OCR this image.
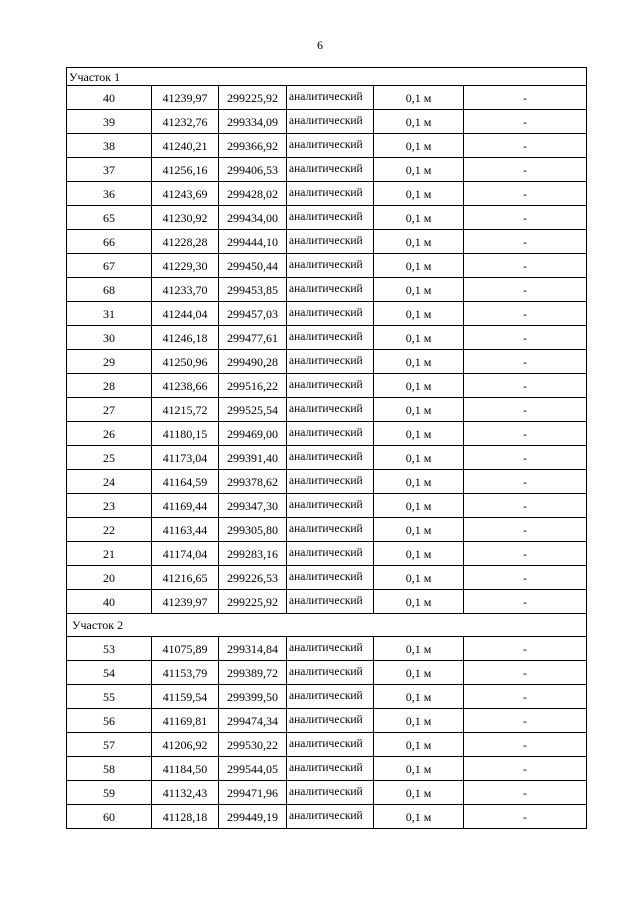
6
Участок 1					
40	41239,97	299225,92	аналитический	0,1 м	-
39	41232,76	299334,09	аналитический	0,1 м	-
38	41240,21	299366,92	аналитический	0,1 м	-
37	41256,16	299406,53	аналитический	0,1 м	-
36	41243,69	299428,02	аналитический	0,1 м	-
65	41230,92	299434,00	аналитический	0,1 м	-
66	41228,28	299444,10	аналитический	0,1 м	-
67	41229,30	299450,44	аналитический	0,1 м	-
68	41233,70	299453,85	аналитический	0,1 м	-
31	41244,04	299457,03	аналитический	0,1 м	-
30	41246,18	299477,61	аналитический	0,1 м	-
29	41250,96	299490,28	аналитический	0,1 м	-
28	41238,66	299516,22	аналитический	0,1 м	-
27	41215,72	299525,54	аналитический	0,1 м	-
26	41180,15	299469,00	аналитический	0,1 м	-
25	41173,04	299391,40	аналитический	0,1 м	-
24	41164,59	299378,62	аналитический	0,1 м	-
23	41169,44	299347,30	аналитический	0,1 м	-
22	41163,44	299305,80	аналитический	0,1 м	-
21	41174,04	299283,16	аналитический	0,1 м	-
20	41216,65	299226,53	аналитический	0,1 м	-
40	41239,97	299225,92	аналитический	0,1 м	-
Участок 2					
53	41075,89	299314,84	аналитический	0,1 м	-
54	41153,79	299389,72	аналитический	0,1 м	-
55	41159,54	299399,50	аналитический	0,1 м	-
56	41169,81	299474,34	аналитический	0,1 м	-
57	41206,92	299530,22	аналитический	0,1 м	-
58	41184,50	299544,05	аналитический	0,1 м	-
59	41132,43	299471,96	аналитический	0,1 м	-
60	41128,18	299449,19	аналитический	0,1 м	-
